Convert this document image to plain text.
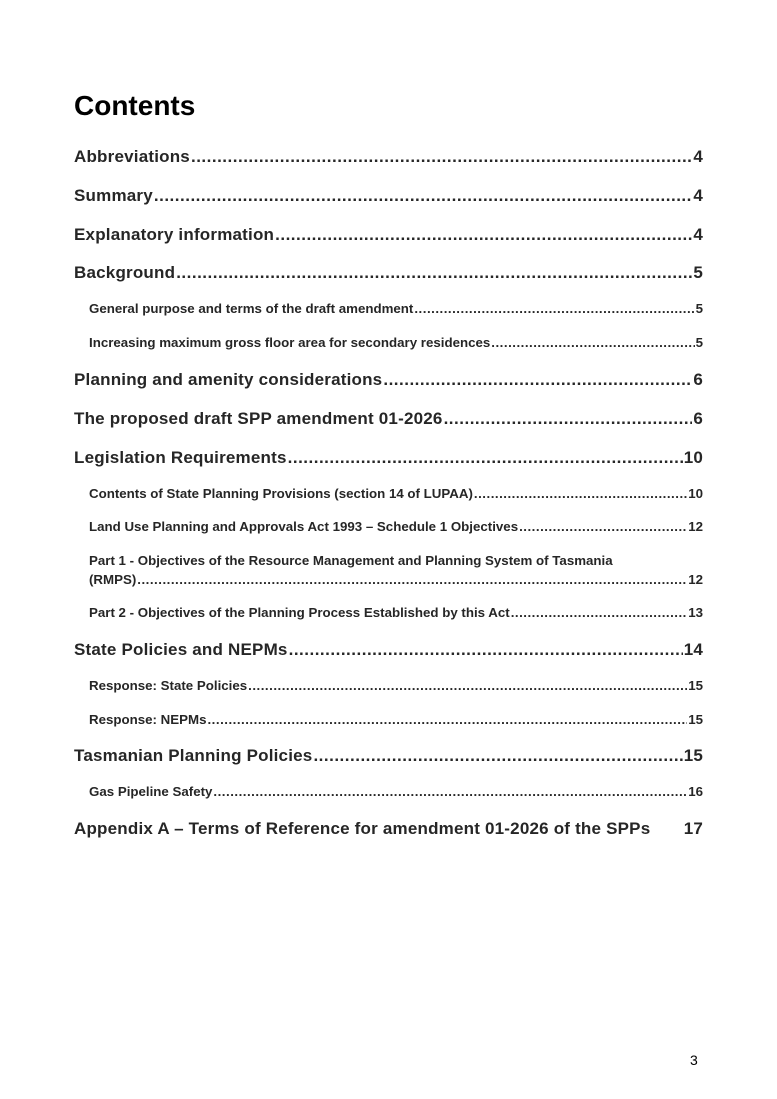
Contents
Abbreviations .....	4
Summary .....	4
Explanatory information .....	4
Background .....	5
General purpose and terms of the draft amendment .....	5
Increasing maximum gross floor area for secondary residences .....	5
Planning and amenity considerations .....	6
The proposed draft SPP amendment 01-2026 .....	6
Legislation Requirements .....	10
Contents of State Planning Provisions (section 14 of LUPAA) .....	10
Land Use Planning and Approvals Act 1993 – Schedule 1 Objectives .....	12
Part 1 - Objectives of the Resource Management and Planning System of Tasmania
(RMPS) .....	12
Part 2 - Objectives of the Planning Process Established by this Act .....	13
State Policies and NEPMs .....	14
Response: State Policies .....	15
Response: NEPMs .....	15
Tasmanian Planning Policies .....	15
Gas Pipeline Safety .....	16
Appendix A – Terms of Reference for amendment 01-2026 of the SPPs 17
3
